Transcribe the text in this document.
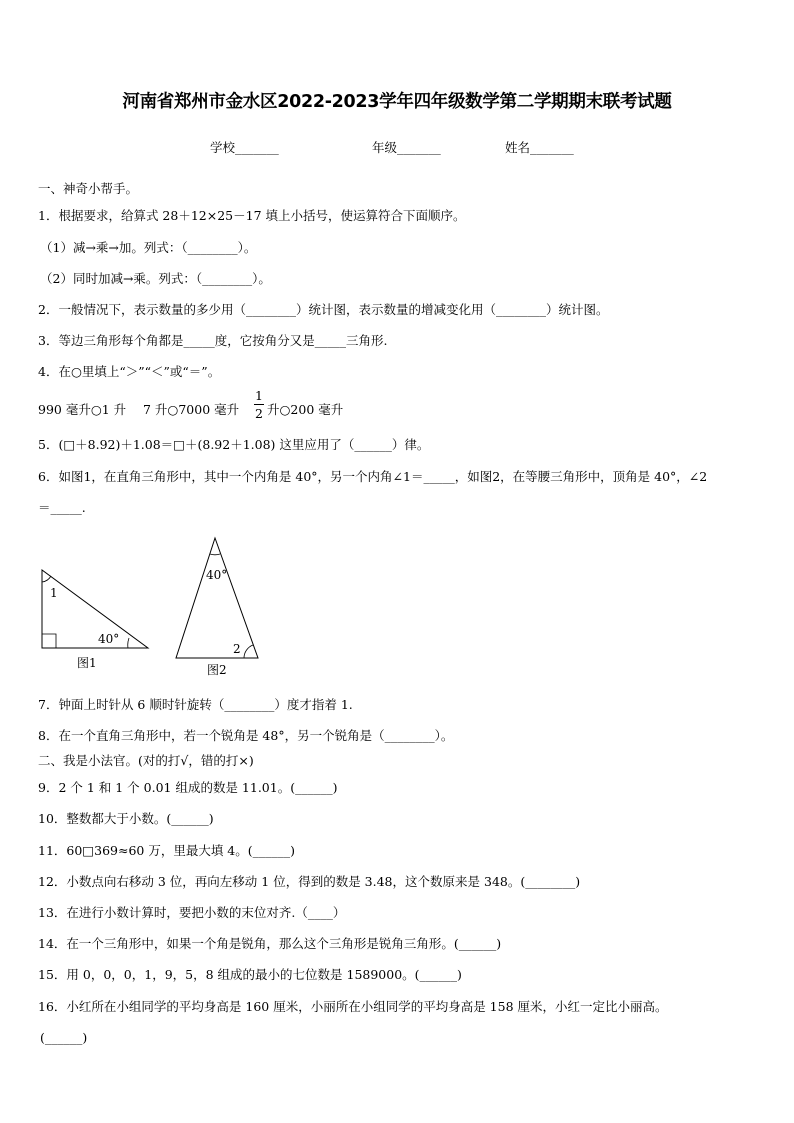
河南省郑州市金水区2022-2023学年四年级数学第二学期期末联考试题
学校_______	年级_______	姓名_______
一、神奇小帮手。
1．根据要求，给算式 28＋12×25－17 填上小括号，使运算符合下面顺序。
（1）减→乘→加。列式：（________）。
（2）同时加减→乘。列式：（________）。
2．一般情况下，表示数量的多少用（________）统计图，表示数量的增减变化用（________）统计图。
3．等边三角形每个角都是_____度，它按角分又是_____三角形.
4．在○里填上“＞”“＜”或“＝”。
990 毫升○1 升 7 升○7000 毫升
1
2 升○200 毫升
5．(□＋8.92)＋1.08＝□＋(8.92＋1.08) 这里应用了（______）律。
6．如图1，在直角三角形中，其中一个内角是 40°，另一个内角∠1＝_____，如图2，在等腰三角形中，顶角是 40°，∠2
＝_____.
1
40°
图1
40°
2
图2
7．钟面上时针从 6 顺时针旋转（________）度才指着 1.
8．在一个直角三角形中，若一个锐角是 48°，另一个锐角是（________）。
二、我是小法官。(对的打√，错的打×)
9．2 个 1 和 1 个 0.01 组成的数是 11.01。(______)
10．整数都大于小数。(______)
11．60□369≈60 万，里最大填 4。(______)
12．小数点向右移动 3 位，再向左移动 1 位，得到的数是 3.48，这个数原来是 348。(________)
13．在进行小数计算时，要把小数的末位对齐.（____）
14．在一个三角形中，如果一个角是锐角，那么这个三角形是锐角三角形。(______)
15．用 0，0，0，1，9，5，8 组成的最小的七位数是 1589000。(______)
16．小红所在小组同学的平均身高是 160 厘米，小丽所在小组同学的平均身高是 158 厘米，小红一定比小丽高。
(______)
